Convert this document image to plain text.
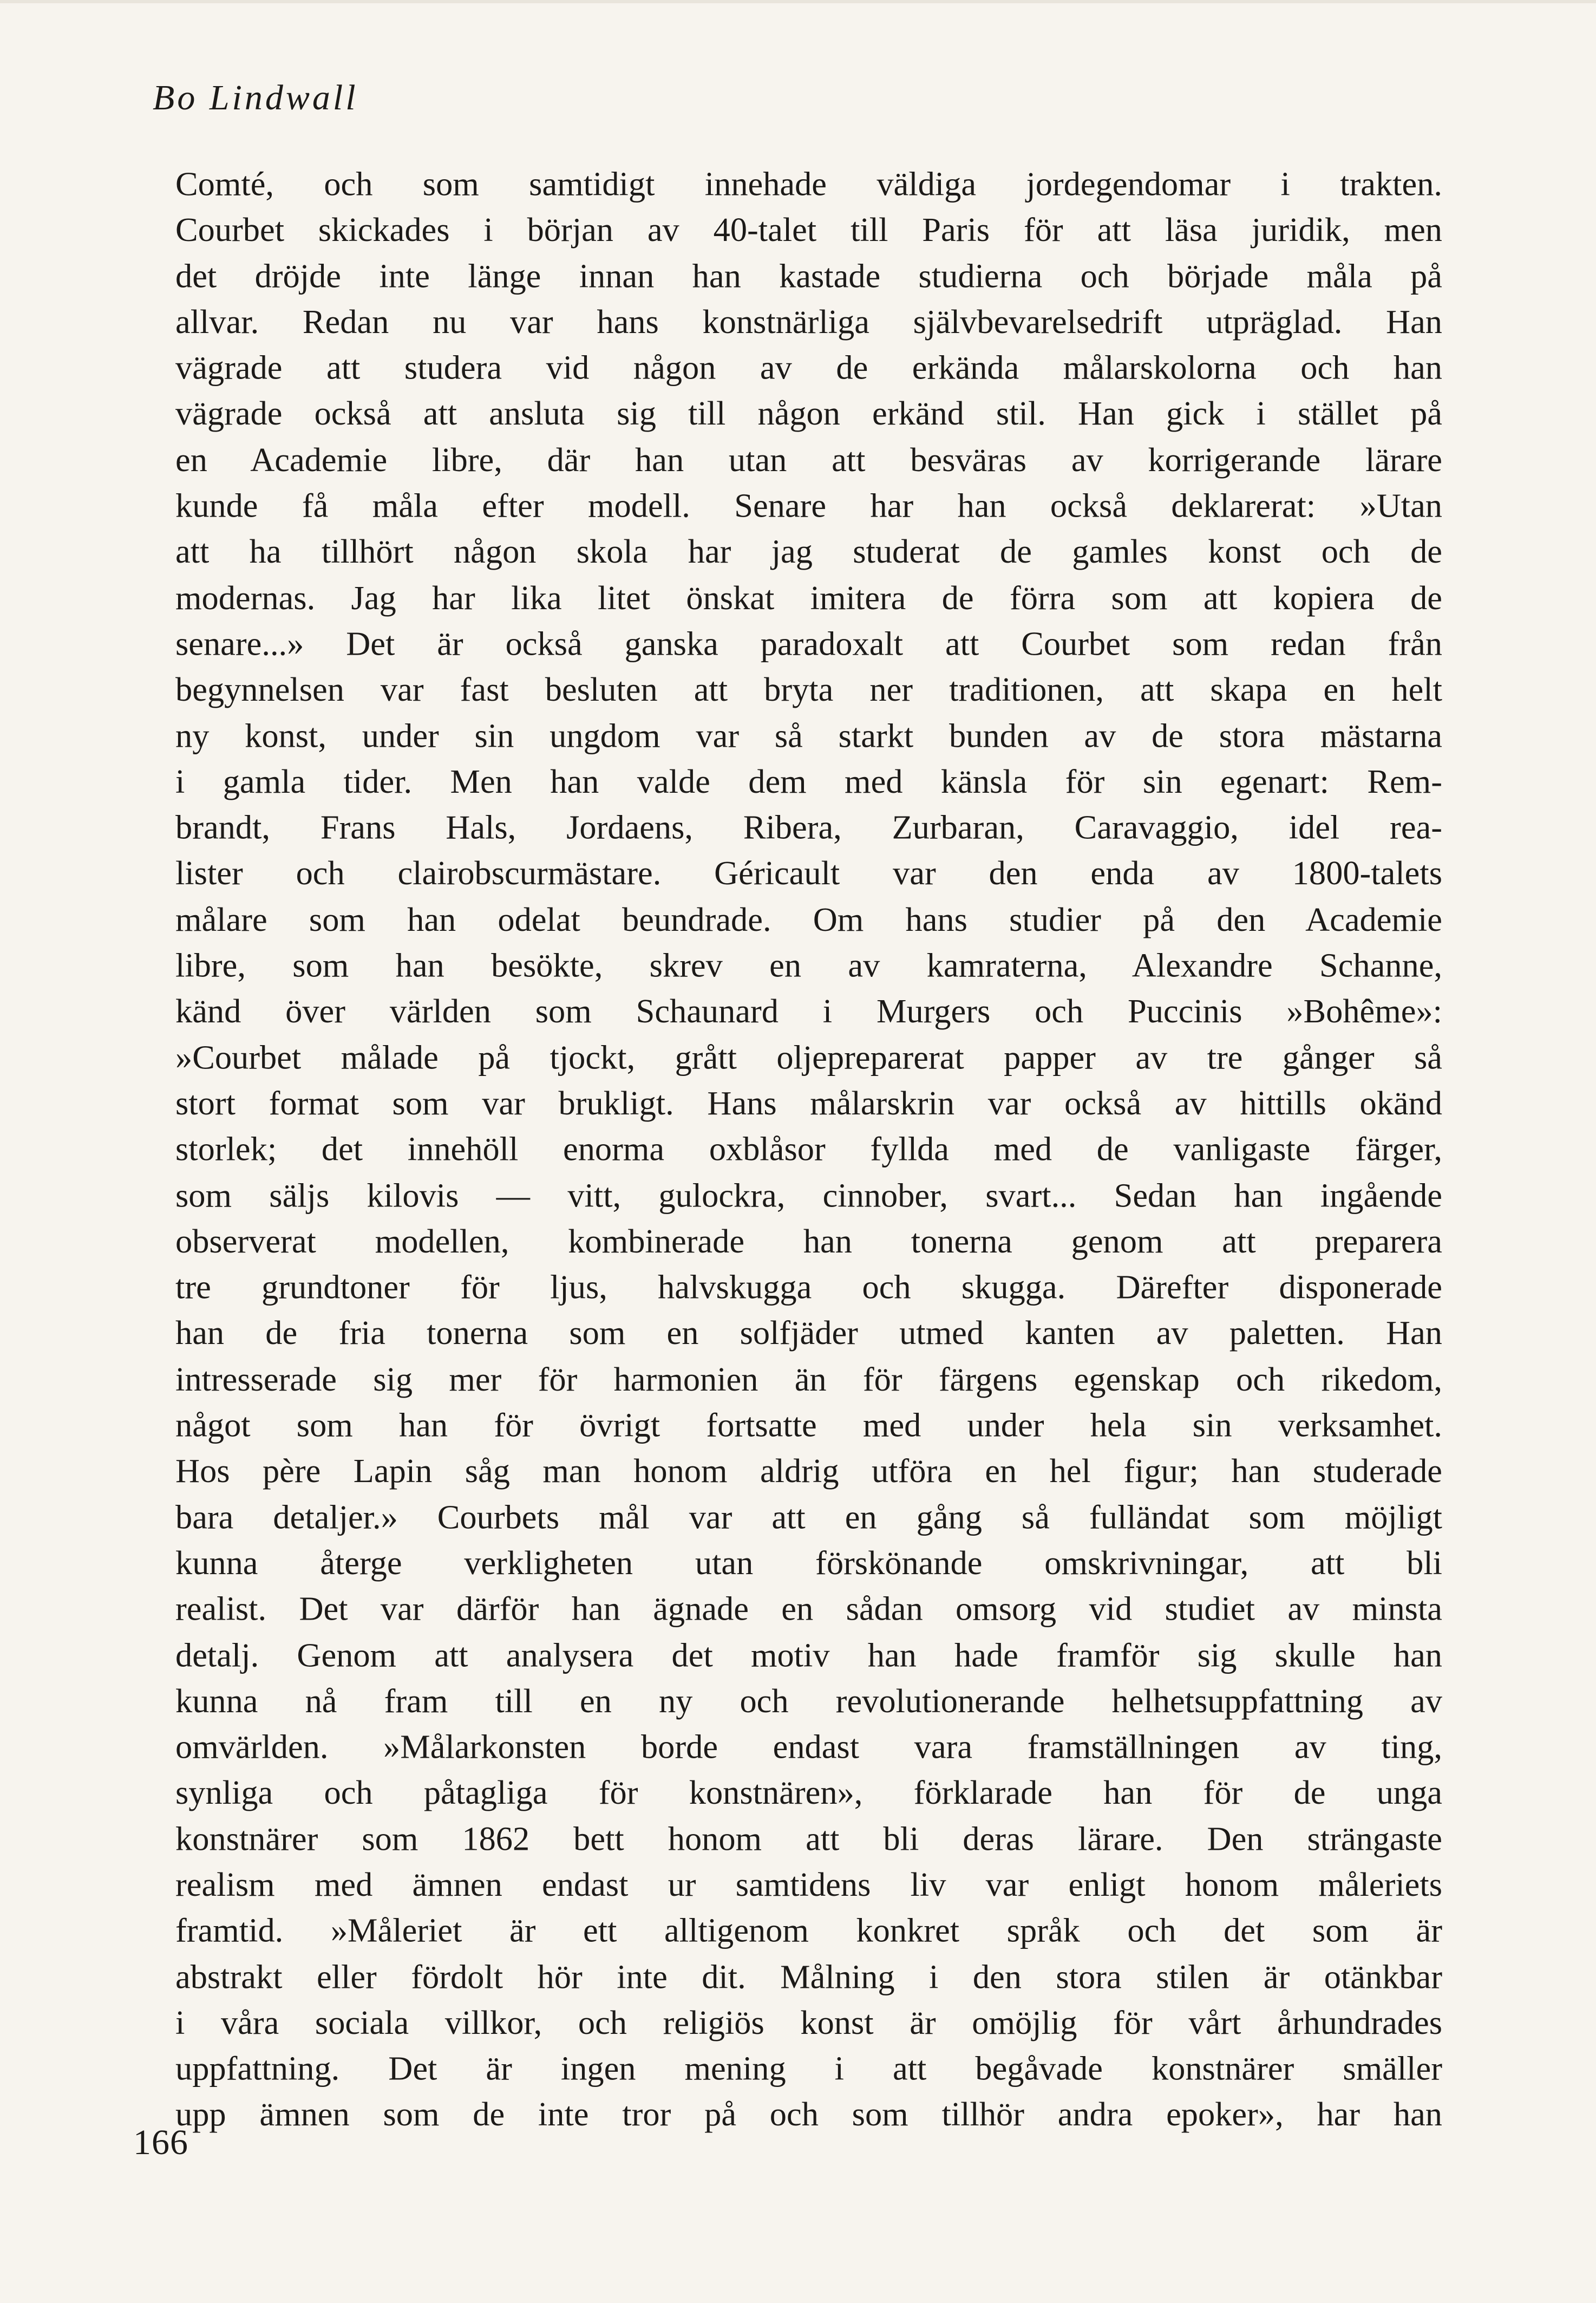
Bo Lindwall
Comté, och som samtidigt innehade väldiga jordegendomar i trakten.
Courbet skickades i början av 40-talet till Paris för att läsa juridik, men
det dröjde inte länge innan han kastade studierna och började måla på
allvar. Redan nu var hans konstnärliga självbevarelsedrift utpräglad. Han
vägrade att studera vid någon av de erkända målarskolorna och han
vägrade också att ansluta sig till någon erkänd stil. Han gick i stället på
en Academie libre, där han utan att besväras av korrigerande lärare
kunde få måla efter modell. Senare har han också deklarerat: »Utan
att ha tillhört någon skola har jag studerat de gamles konst och de
modernas. Jag har lika litet önskat imitera de förra som att kopiera de
senare...» Det är också ganska paradoxalt att Courbet som redan från
begynnelsen var fast besluten att bryta ner traditionen, att skapa en helt
ny konst, under sin ungdom var så starkt bunden av de stora mästarna
i gamla tider. Men han valde dem med känsla för sin egenart: Rem-
brandt, Frans Hals, Jordaens, Ribera, Zurbaran, Caravaggio, idel rea-
lister och clairobscurmästare. Géricault var den enda av 1800-talets
målare som han odelat beundrade. Om hans studier på den Academie
libre, som han besökte, skrev en av kamraterna, Alexandre Schanne,
känd över världen som Schaunard i Murgers och Puccinis »Bohême»:
»Courbet målade på tjockt, grått oljepreparerat papper av tre gånger så
stort format som var brukligt. Hans målarskrin var också av hittills okänd
storlek; det innehöll enorma oxblåsor fyllda med de vanligaste färger,
som säljs kilovis — vitt, gulockra, cinnober, svart... Sedan han ingående
observerat modellen, kombinerade han tonerna genom att preparera
tre grundtoner för ljus, halvskugga och skugga. Därefter disponerade
han de fria tonerna som en solfjäder utmed kanten av paletten. Han
intresserade sig mer för harmonien än för färgens egenskap och rikedom,
något som han för övrigt fortsatte med under hela sin verksamhet.
Hos père Lapin såg man honom aldrig utföra en hel figur; han studerade
bara detaljer.» Courbets mål var att en gång så fulländat som möjligt
kunna återge verkligheten utan förskönande omskrivningar, att bli
realist. Det var därför han ägnade en sådan omsorg vid studiet av minsta
detalj. Genom att analysera det motiv han hade framför sig skulle han
kunna nå fram till en ny och revolutionerande helhetsuppfattning av
omvärlden. »Målarkonsten borde endast vara framställningen av ting,
synliga och påtagliga för konstnären», förklarade han för de unga
konstnärer som 1862 bett honom att bli deras lärare. Den strängaste
realism med ämnen endast ur samtidens liv var enligt honom måleriets
framtid. »Måleriet är ett alltigenom konkret språk och det som är
abstrakt eller fördolt hör inte dit. Målning i den stora stilen är otänkbar
i våra sociala villkor, och religiös konst är omöjlig för vårt århundrades
uppfattning. Det är ingen mening i att begåvade konstnärer smäller
upp ämnen som de inte tror på och som tillhör andra epoker», har han
166
